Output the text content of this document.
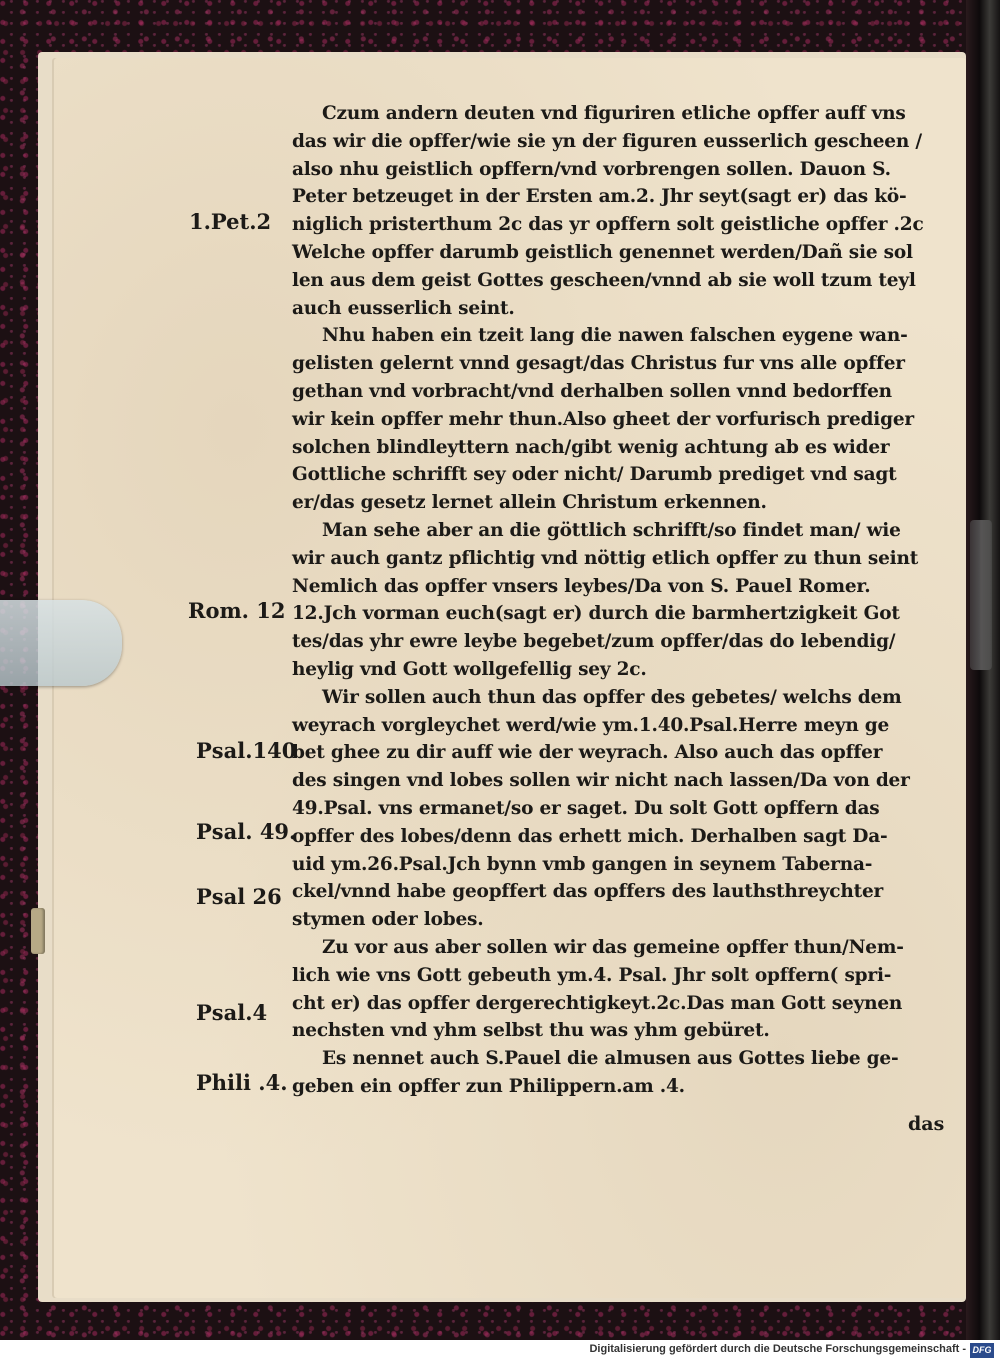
Czum andern deuten vnd figuriren etliche opffer auff vns
das wir die opffer/wie sie yn der figuren eusserlich gescheen /
also nhu geistlich opffern/vnd vorbrengen sollen. Dauon S.
Peter betzeuget in der Ersten am.2. Jhr seyt(sagt er) das kö-
niglich pristerthum 2c das yr opffern solt geistliche opffer .2c
Welche opffer darumb geistlich genennet werden/Dañ sie sol
len aus dem geist Gottes gescheen/vnnd ab sie woll tzum teyl
auch eusserlich seint.
Nhu haben ein tzeit lang die nawen falschen eygene wan-
gelisten gelernt vnnd gesagt/das Christus fur vns alle opffer
gethan vnd vorbracht/vnd derhalben sollen vnnd bedorffen
wir kein opffer mehr thun.Also gheet der vorfurisch prediger
solchen blindleyttern nach/gibt wenig achtung ab es wider
Gottliche schrifft sey oder nicht/ Darumb prediget vnd sagt
er/das gesetz lernet allein Christum erkennen.
Man sehe aber an die göttlich schrifft/so findet man/ wie
wir auch gantz pflichtig vnd nöttig etlich opffer zu thun seint
Nemlich das opffer vnsers leybes/Da von S. Pauel Romer.
12.Jch vorman euch(sagt er) durch die barmhertzigkeit Got
tes/das yhr ewre leybe begebet/zum opffer/das do lebendig/
heylig vnd Gott wollgefellig sey 2c.
Wir sollen auch thun das opffer des gebetes/ welchs dem
weyrach vorgleychet werd/wie ym.1.40.Psal.Herre meyn ge
bet ghee zu dir auff wie der weyrach. Also auch das opffer
des singen vnd lobes sollen wir nicht nach lassen/Da von der
49.Psal. vns ermanet/so er saget. Du solt Gott opffern das
opffer des lobes/denn das erhett mich. Derhalben sagt Da-
uid ym.26.Psal.Jch bynn vmb gangen in seynem Taberna-
ckel/vnnd habe geopffert das opffers des lauthsthreychter
stymen oder lobes.
Zu vor aus aber sollen wir das gemeine opffer thun/Nem-
lich wie vns Gott gebeuth ym.4. Psal. Jhr solt opffern( spri-
cht er) das opffer dergerechtigkeyt.2c.Das man Gott seynen
nechsten vnd yhm selbst thu was yhm gebüret.
Es nennet auch S.Pauel die almusen aus Gottes liebe ge-
geben ein opffer zun Philippern.am .4.
1.Pet.2
Rom. 12
Psal.140
Psal. 49.
Psal 26
Psal.4
Phili .4.
das
Digitalisierung gefördert durch die Deutsche Forschungsgemeinschaft - DFG
